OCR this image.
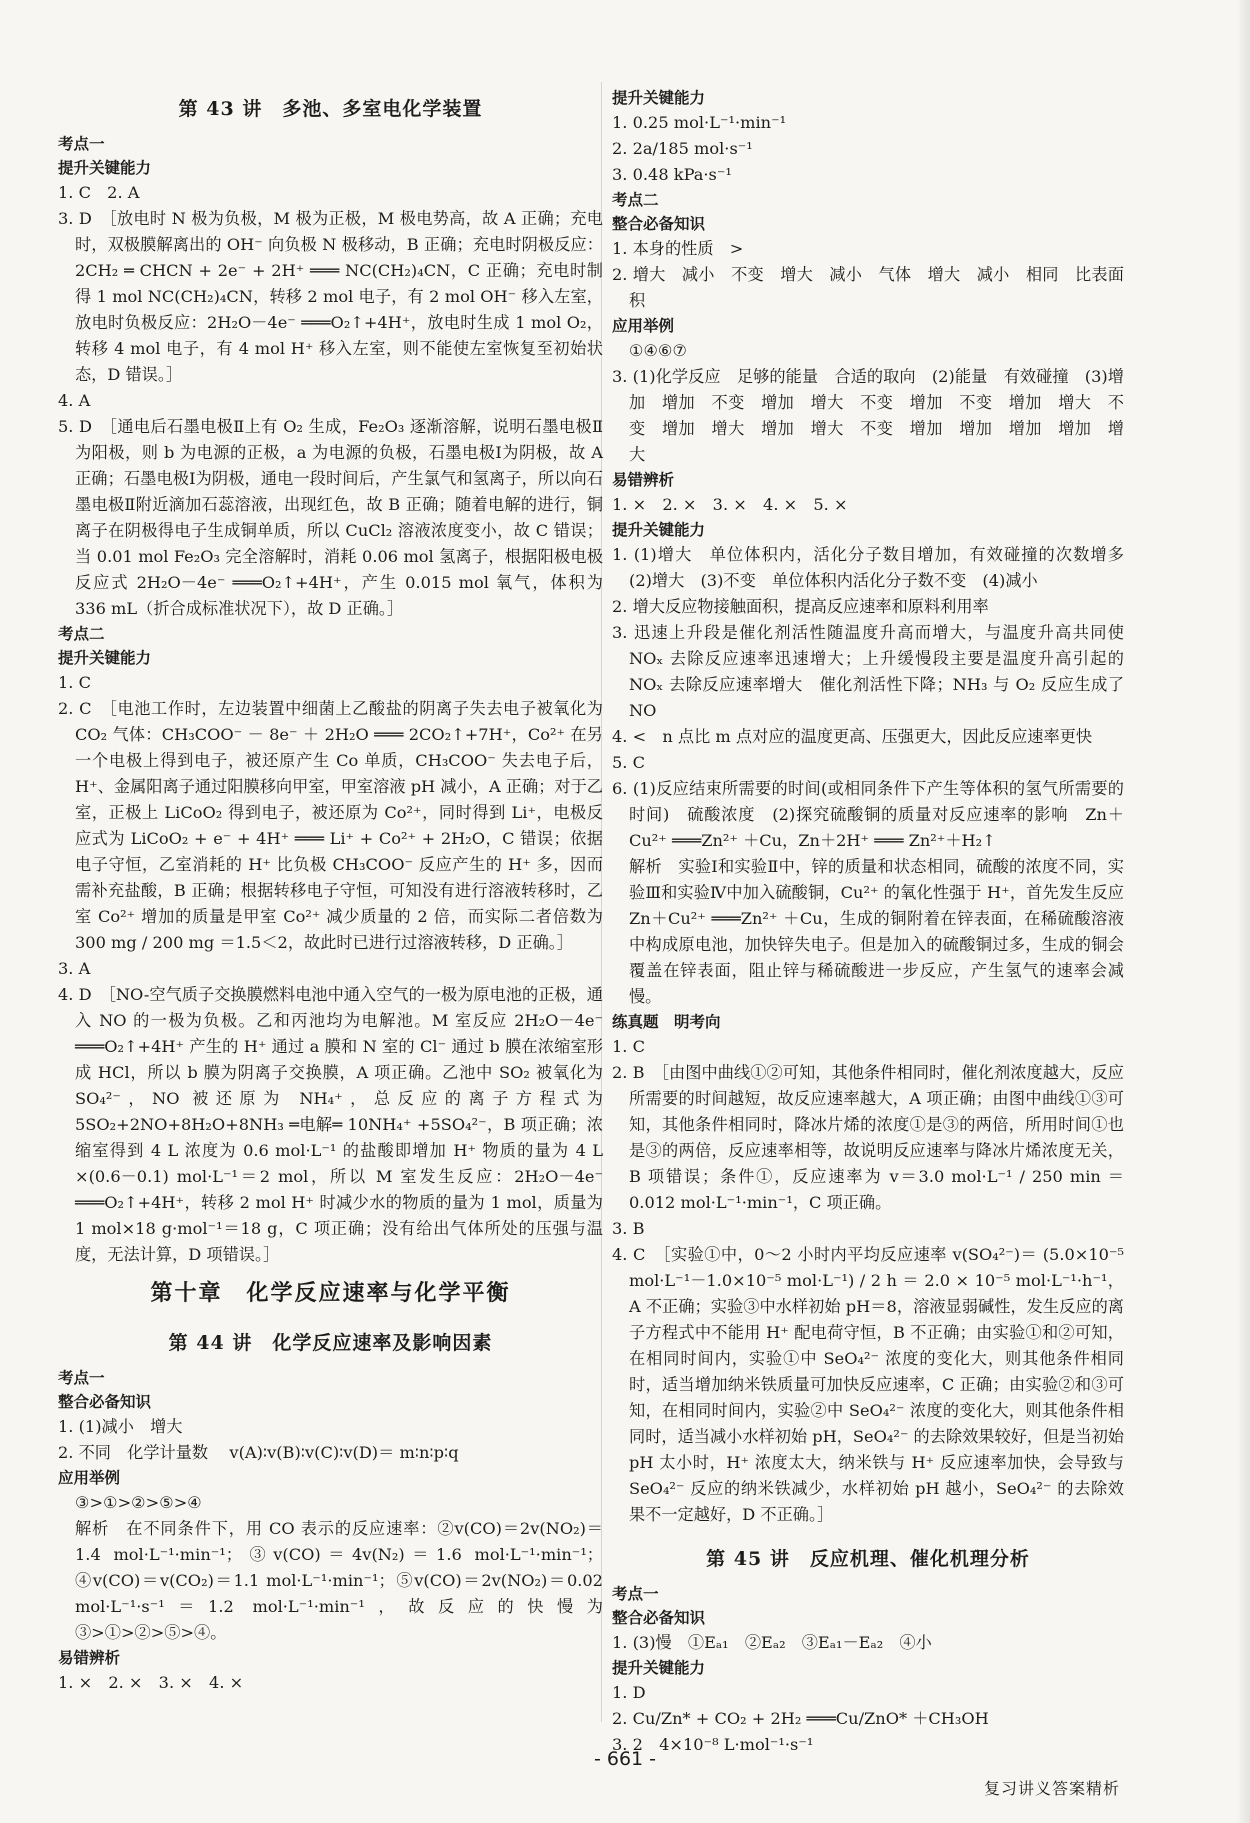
第 43 讲　多池、多室电化学装置
考点一
提升关键能力
1. C　2. A
3. D　［放电时 N 极为负极，M 极为正极，M 极电势高，故 A 正确；充电时，双极膜解离出的 OH⁻ 向负极 N 极移动，B 正确；充电时阴极反应：2CH₂ ═ CHCN + 2e⁻ + 2H⁺ ═══ NC(CH₂)₄CN，C 正确；充电时制得 1 mol NC(CH₂)₄CN，转移 2 mol 电子，有 2 mol OH⁻ 移入左室，放电时负极反应：2H₂O－4e⁻ ═══O₂↑+4H⁺，放电时生成 1 mol O₂，转移 4 mol 电子，有 4 mol H⁺ 移入左室，则不能使左室恢复至初始状态，D 错误。］
4. A
5. D　［通电后石墨电极Ⅱ上有 O₂ 生成，Fe₂O₃ 逐渐溶解，说明石墨电极Ⅱ为阳极，则 b 为电源的正极，a 为电源的负极，石墨电极Ⅰ为阴极，故 A 正确；石墨电极Ⅰ为阴极，通电一段时间后，产生氯气和氢离子，所以向石墨电极Ⅱ附近滴加石蕊溶液，出现红色，故 B 正确；随着电解的进行，铜离子在阴极得电子生成铜单质，所以 CuCl₂ 溶液浓度变小，故 C 错误；当 0.01 mol Fe₂O₃ 完全溶解时，消耗 0.06 mol 氢离子，根据阳极电极反应式 2H₂O－4e⁻ ═══O₂↑+4H⁺，产生 0.015 mol 氧气，体积为 336 mL（折合成标准状况下），故 D 正确。］
考点二
提升关键能力
1. C
2. C　［电池工作时，左边装置中细菌上乙酸盐的阴离子失去电子被氧化为 CO₂ 气体：CH₃COO⁻ － 8e⁻ ＋ 2H₂O ═══ 2CO₂↑+7H⁺，Co²⁺ 在另一个电极上得到电子，被还原产生 Co 单质，CH₃COO⁻ 失去电子后，H⁺、金属阳离子通过阳膜移向甲室，甲室溶液 pH 减小，A 正确；对于乙室，正极上 LiCoO₂ 得到电子，被还原为 Co²⁺，同时得到 Li⁺，电极反应式为 LiCoO₂ + e⁻ + 4H⁺ ═══ Li⁺ + Co²⁺ + 2H₂O，C 错误；依据电子守恒，乙室消耗的 H⁺ 比负极 CH₃COO⁻ 反应产生的 H⁺ 多，因而需补充盐酸，B 正确；根据转移电子守恒，可知没有进行溶液转移时，乙室 Co²⁺ 增加的质量是甲室 Co²⁺ 减少质量的 2 倍，而实际二者倍数为 300 mg / 200 mg ＝1.5＜2，故此时已进行过溶液转移，D 正确。］
3. A
4. D　［NO-空气质子交换膜燃料电池中通入空气的一极为原电池的正极，通入 NO 的一极为负极。乙和丙池均为电解池。M 室反应 2H₂O－4e⁻ ═══O₂↑+4H⁺ 产生的 H⁺ 通过 a 膜和 N 室的 Cl⁻ 通过 b 膜在浓缩室形成 HCl，所以 b 膜为阴离子交换膜，A 项正确。乙池中 SO₂ 被氧化为 SO₄²⁻，NO 被还原为 NH₄⁺，总反应的离子方程式为 5SO₂+2NO+8H₂O+8NH₃ ═电解═ 10NH₄⁺ +5SO₄²⁻，B 项正确；浓缩室得到 4 L 浓度为 0.6 mol·L⁻¹ 的盐酸即增加 H⁺ 物质的量为 4 L ×(0.6－0.1) mol·L⁻¹＝2 mol，所以 M 室发生反应：2H₂O－4e⁻ ═══O₂↑+4H⁺，转移 2 mol H⁺ 时减少水的物质的量为 1 mol，质量为 1 mol×18 g·mol⁻¹＝18 g，C 项正确；没有给出气体所处的压强与温度，无法计算，D 项错误。］
第十章　化学反应速率与化学平衡
第 44 讲　化学反应速率及影响因素
考点一
整合必备知识
1. (1)减小　增大
2. 不同　化学计量数　 v(A)∶v(B)∶v(C)∶v(D)＝ m∶n∶p∶q
应用举例
③>①>②>⑤>④
解析　在不同条件下，用 CO 表示的反应速率：②v(CO)＝2v(NO₂)＝1.4 mol·L⁻¹·min⁻¹；③v(CO)＝4v(N₂)＝1.6 mol·L⁻¹·min⁻¹；④v(CO)＝v(CO₂)＝1.1 mol·L⁻¹·min⁻¹；⑤v(CO)＝2v(NO₂)＝0.02 mol·L⁻¹·s⁻¹＝1.2 mol·L⁻¹·min⁻¹，故反应的快慢为③>①>②>⑤>④。
易错辨析
1. ×　2. ×　3. ×　4. ×
提升关键能力
1. 0.25 mol·L⁻¹·min⁻¹
2. 2a/185 mol·s⁻¹
3. 0.48 kPa·s⁻¹
考点二
整合必备知识
1. 本身的性质　>
2. 增大　减小　不变　增大　减小　气体　增大　减小　相同　比表面积
应用举例
①④⑥⑦
3. (1)化学反应　足够的能量　合适的取向　(2)能量　有效碰撞　(3)增加　增加　不变　增加　增大　不变　增加　不变　增加　增大　不变　增加　增大　增加　增大　不变　增加　增加　增加　增加　增大
易错辨析
1. ×　2. ×　3. ×　4. ×　5. ×
提升关键能力
1. (1)增大　单位体积内，活化分子数目增加，有效碰撞的次数增多　(2)增大　(3)不变　单位体积内活化分子数不变　(4)减小
2. 增大反应物接触面积，提高反应速率和原料利用率
3. 迅速上升段是催化剂活性随温度升高而增大，与温度升高共同使 NOₓ 去除反应速率迅速增大；上升缓慢段主要是温度升高引起的 NOₓ 去除反应速率增大　催化剂活性下降；NH₃ 与 O₂ 反应生成了 NO
4. <　n 点比 m 点对应的温度更高、压强更大，因此反应速率更快
5. C
6. (1)反应结束所需要的时间(或相同条件下产生等体积的氢气所需要的时间)　硫酸浓度　(2)探究硫酸铜的质量对反应速率的影响　Zn＋Cu²⁺ ═══Zn²⁺ ＋Cu，Zn＋2H⁺ ═══ Zn²⁺＋H₂↑
解析　实验Ⅰ和实验Ⅱ中，锌的质量和状态相同，硫酸的浓度不同，实验Ⅲ和实验Ⅳ中加入硫酸铜，Cu²⁺ 的氧化性强于 H⁺，首先发生反应 Zn＋Cu²⁺ ═══Zn²⁺ ＋Cu，生成的铜附着在锌表面，在稀硫酸溶液中构成原电池，加快锌失电子。但是加入的硫酸铜过多，生成的铜会覆盖在锌表面，阻止锌与稀硫酸进一步反应，产生氢气的速率会减慢。
练真题　明考向
1. C
2. B　［由图中曲线①②可知，其他条件相同时，催化剂浓度越大，反应所需要的时间越短，故反应速率越大，A 项正确；由图中曲线①③可知，其他条件相同时，降冰片烯的浓度①是③的两倍，所用时间①也是③的两倍，反应速率相等，故说明反应速率与降冰片烯浓度无关，B 项错误；条件①，反应速率为 v＝3.0 mol·L⁻¹ / 250 min ＝0.012 mol·L⁻¹·min⁻¹，C 项正确。
3. B
4. C　［实验①中，0～2 小时内平均反应速率 v(SO₄²⁻)＝ (5.0×10⁻⁵ mol·L⁻¹－1.0×10⁻⁵ mol·L⁻¹) / 2 h ＝ 2.0 × 10⁻⁵ mol·L⁻¹·h⁻¹，A 不正确；实验③中水样初始 pH＝8，溶液显弱碱性，发生反应的离子方程式中不能用 H⁺ 配电荷守恒，B 不正确；由实验①和②可知，在相同时间内，实验①中 SeO₄²⁻ 浓度的变化大，则其他条件相同时，适当增加纳米铁质量可加快反应速率，C 正确；由实验②和③可知，在相同时间内，实验②中 SeO₄²⁻ 浓度的变化大，则其他条件相同时，适当减小水样初始 pH，SeO₄²⁻ 的去除效果较好，但是当初始 pH 太小时，H⁺ 浓度太大，纳米铁与 H⁺ 反应速率加快，会导致与 SeO₄²⁻ 反应的纳米铁减少，水样初始 pH 越小，SeO₄²⁻ 的去除效果不一定越好，D 不正确。］
第 45 讲　反应机理、催化机理分析
考点一
整合必备知识
1. (3)慢　①Eₐ₁　②Eₐ₂　③Eₐ₁－Eₐ₂　④小
提升关键能力
1. D
2. Cu/Zn* + CO₂ + 2H₂ ═══Cu/ZnO* ＋CH₃OH
3. 2　4×10⁻⁸ L·mol⁻¹·s⁻¹
- 661 -
复习讲义答案精析
